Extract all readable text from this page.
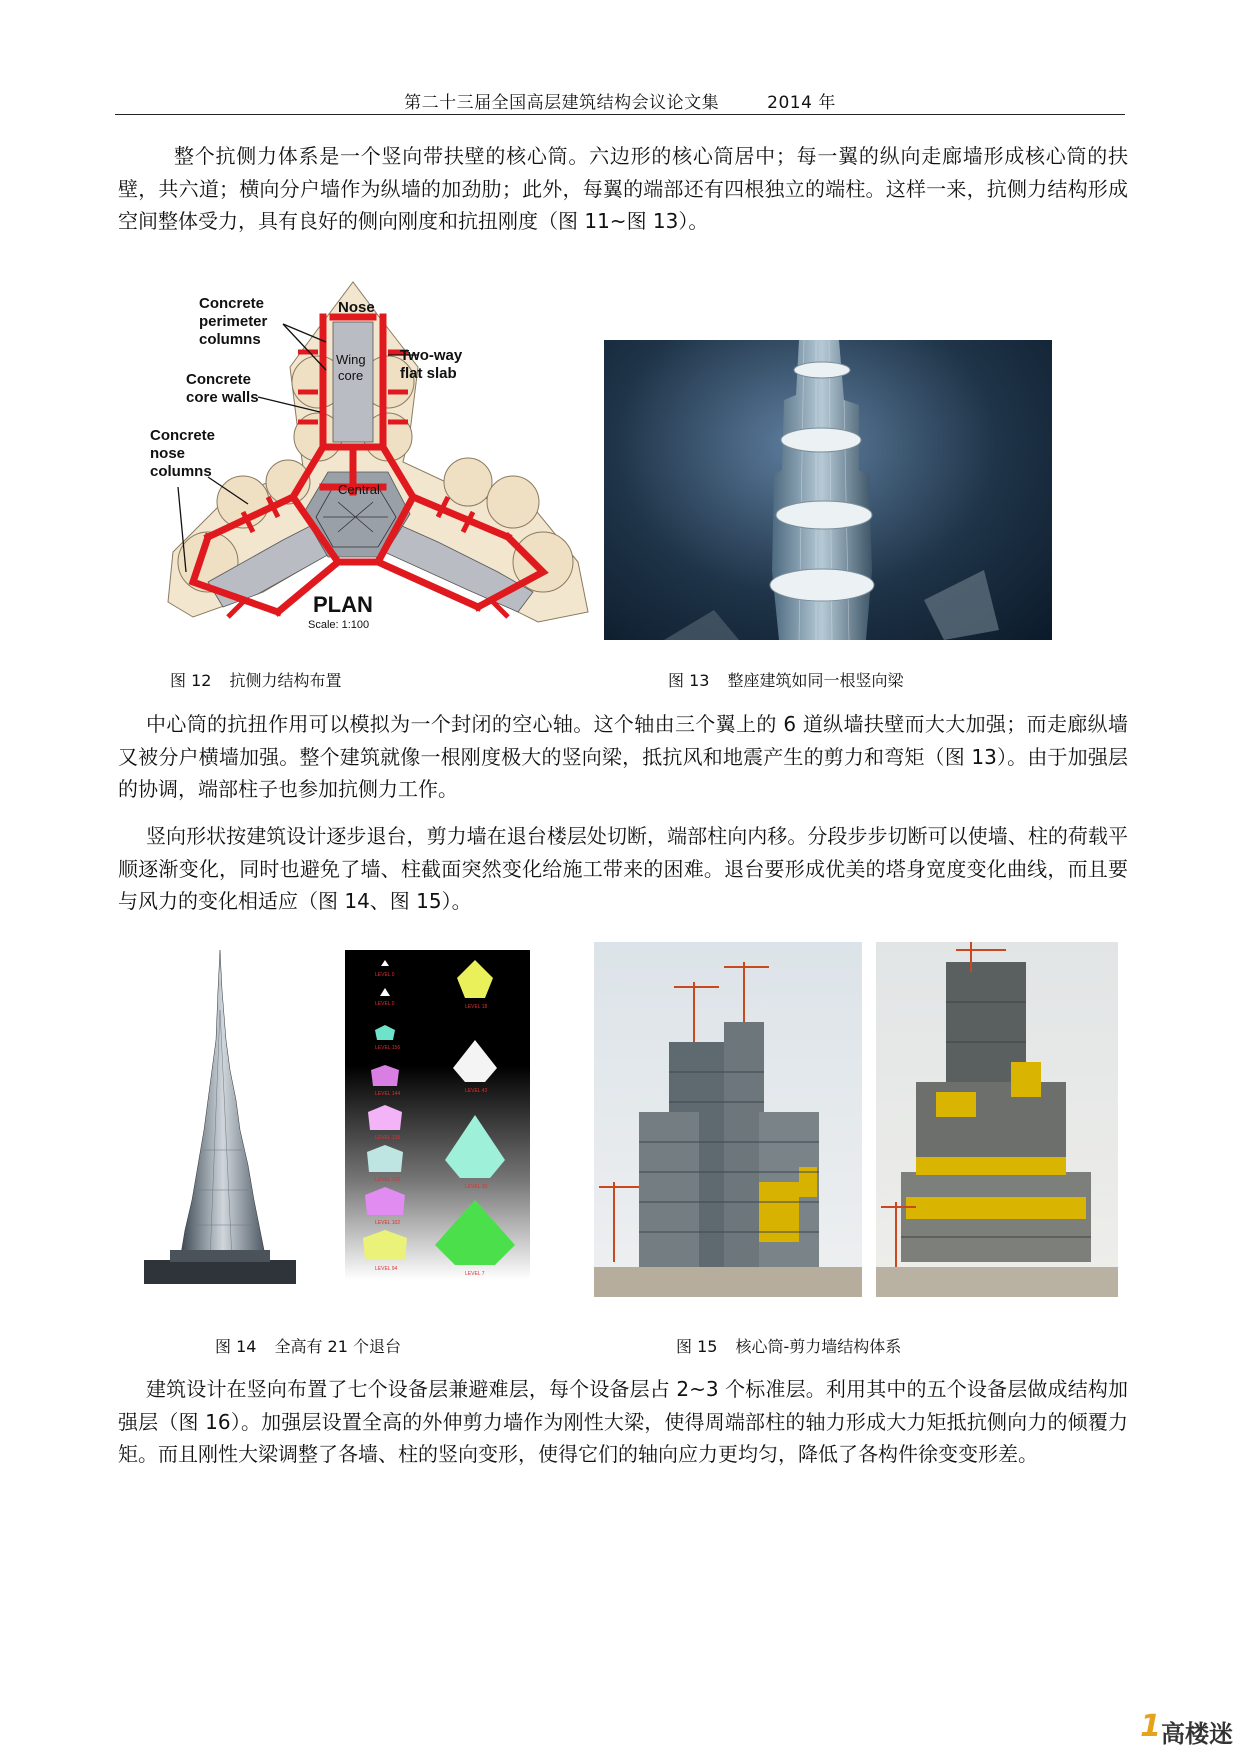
第二十三届全国高层建筑结构会议论文集	2014 年

整个抗侧力体系是一个竖向带扶壁的核心筒。六边形的核心筒居中；每一翼的纵向走廊墙形成核心筒的扶壁，共六道；横向分户墙作为纵墙的加劲肋；此外，每翼的端部还有四根独立的端柱。这样一来，抗侧力结构形成空间整体受力，具有良好的侧向刚度和抗扭刚度（图 11~图 13）。

Nose
Concrete
perimeter
columns
Concrete
core walls
Concrete
nose
columns
Two-way
flat slab
Wing
core
Central
PLAN
Scale: 1:100
图 12 抗侧力结构布置	图 13 整座建筑如同一根竖向梁

中心筒的抗扭作用可以模拟为一个封闭的空心轴。这个轴由三个翼上的 6 道纵墙扶壁而大大加强；而走廊纵墙又被分户横墙加强。整个建筑就像一根刚度极大的竖向梁，抵抗风和地震产生的剪力和弯矩（图 13）。由于加强层的协调，端部柱子也参加抗侧力工作。

竖向形状按建筑设计逐步退台，剪力墙在退台楼层处切断，端部柱向内移。分段步步切断可以使墙、柱的荷载平顺逐渐变化，同时也避免了墙、柱截面突然变化给施工带来的困难。退台要形成优美的塔身宽度变化曲线，而且要与风力的变化相适应（图 14、图 15）。

LEVEL 0
LEVEL 0
LEVEL 156
LEVEL 144
LEVEL 135
LEVEL 123
LEVEL 102
LEVEL 94
LEVEL 18
LEVEL 43
LEVEL 30
LEVEL 7
图 14 全高有 21 个退台	图 15 核心筒-剪力墙结构体系

建筑设计在竖向布置了七个设备层兼避难层，每个设备层占 2~3 个标准层。利用其中的五个设备层做成结构加强层（图 16）。加强层设置全高的外伸剪力墙作为刚性大梁，使得周端部柱的轴力形成大力矩抵抗侧向力的倾覆力矩。而且刚性大梁调整了各墙、柱的竖向变形，使得它们的轴向应力更均匀，降低了各构件徐变变形差。

1高楼迷
